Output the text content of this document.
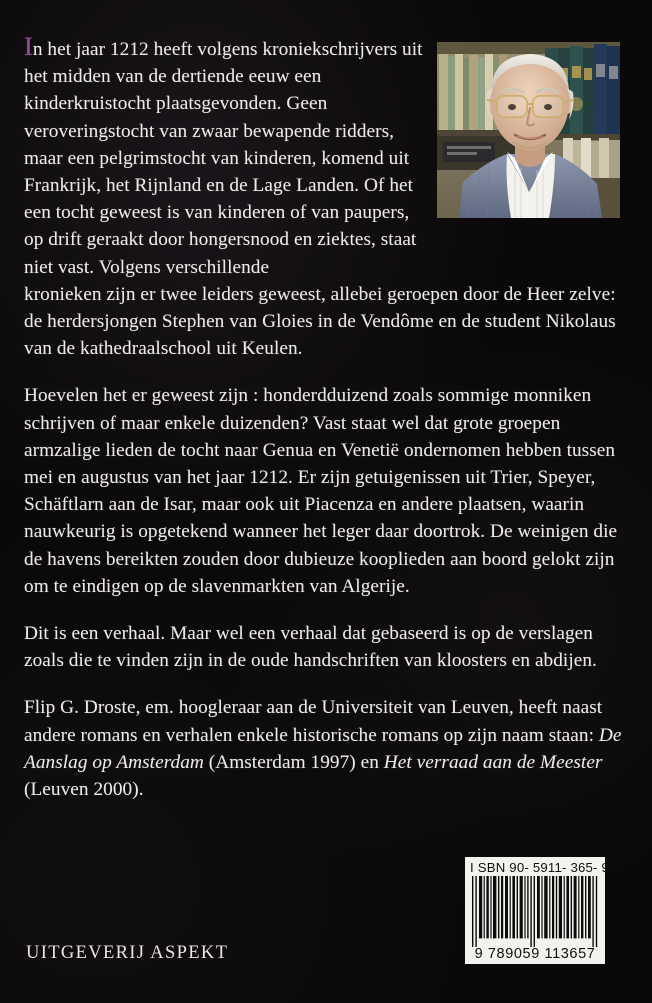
In het jaar 1212 heeft volgens kroniekschrijvers uit het midden van de dertiende eeuw een kinderkruistocht plaatsgevonden. Geen veroveringstocht van zwaar bewapende ridders, maar een pelgrimstocht van kinderen, komend uit Frankrijk, het Rijnland en de Lage Landen. Of het een tocht geweest is van kinderen of van paupers, op drift geraakt door hongersnood en ziektes, staat niet vast. Volgens verschillende

kronieken zijn er twee leiders geweest, allebei geroepen door de Heer zelve: de herdersjongen Stephen van Gloies in de Vendôme en de student Nikolaus van de kathedraalschool uit Keulen.

Hoevelen het er geweest zijn : honderdduizend zoals sommige monniken schrijven of maar enkele duizenden? Vast staat wel dat grote groepen armzalige lieden de tocht naar Genua en Venetië ondernomen hebben tussen mei en augustus van het jaar 1212. Er zijn getuigenissen uit Trier, Speyer, Schäftlarn aan de Isar, maar ook uit Piacenza en andere plaatsen, waarin nauwkeurig is opgetekend wanneer het leger daar doortrok. De weinigen die de havens bereikten zouden door dubieuze kooplieden aan boord gelokt zijn om te eindigen op de slavenmarkten van Algerije.

Dit is een verhaal. Maar wel een verhaal dat gebaseerd is op de verslagen zoals die te vinden zijn in de oude handschriften van kloosters en abdijen.

Flip G. Droste, em. hoogleraar aan de Universiteit van Leuven, heeft naast andere romans en verhalen enkele historische romans op zijn naam staan: De Aanslag op Amsterdam (Amsterdam 1997) en Het verraad aan de Meester (Leuven 2000).

UITGEVERIJ ASPEKT
I SBN 90- 5911- 365- 9
9 789059 113657
